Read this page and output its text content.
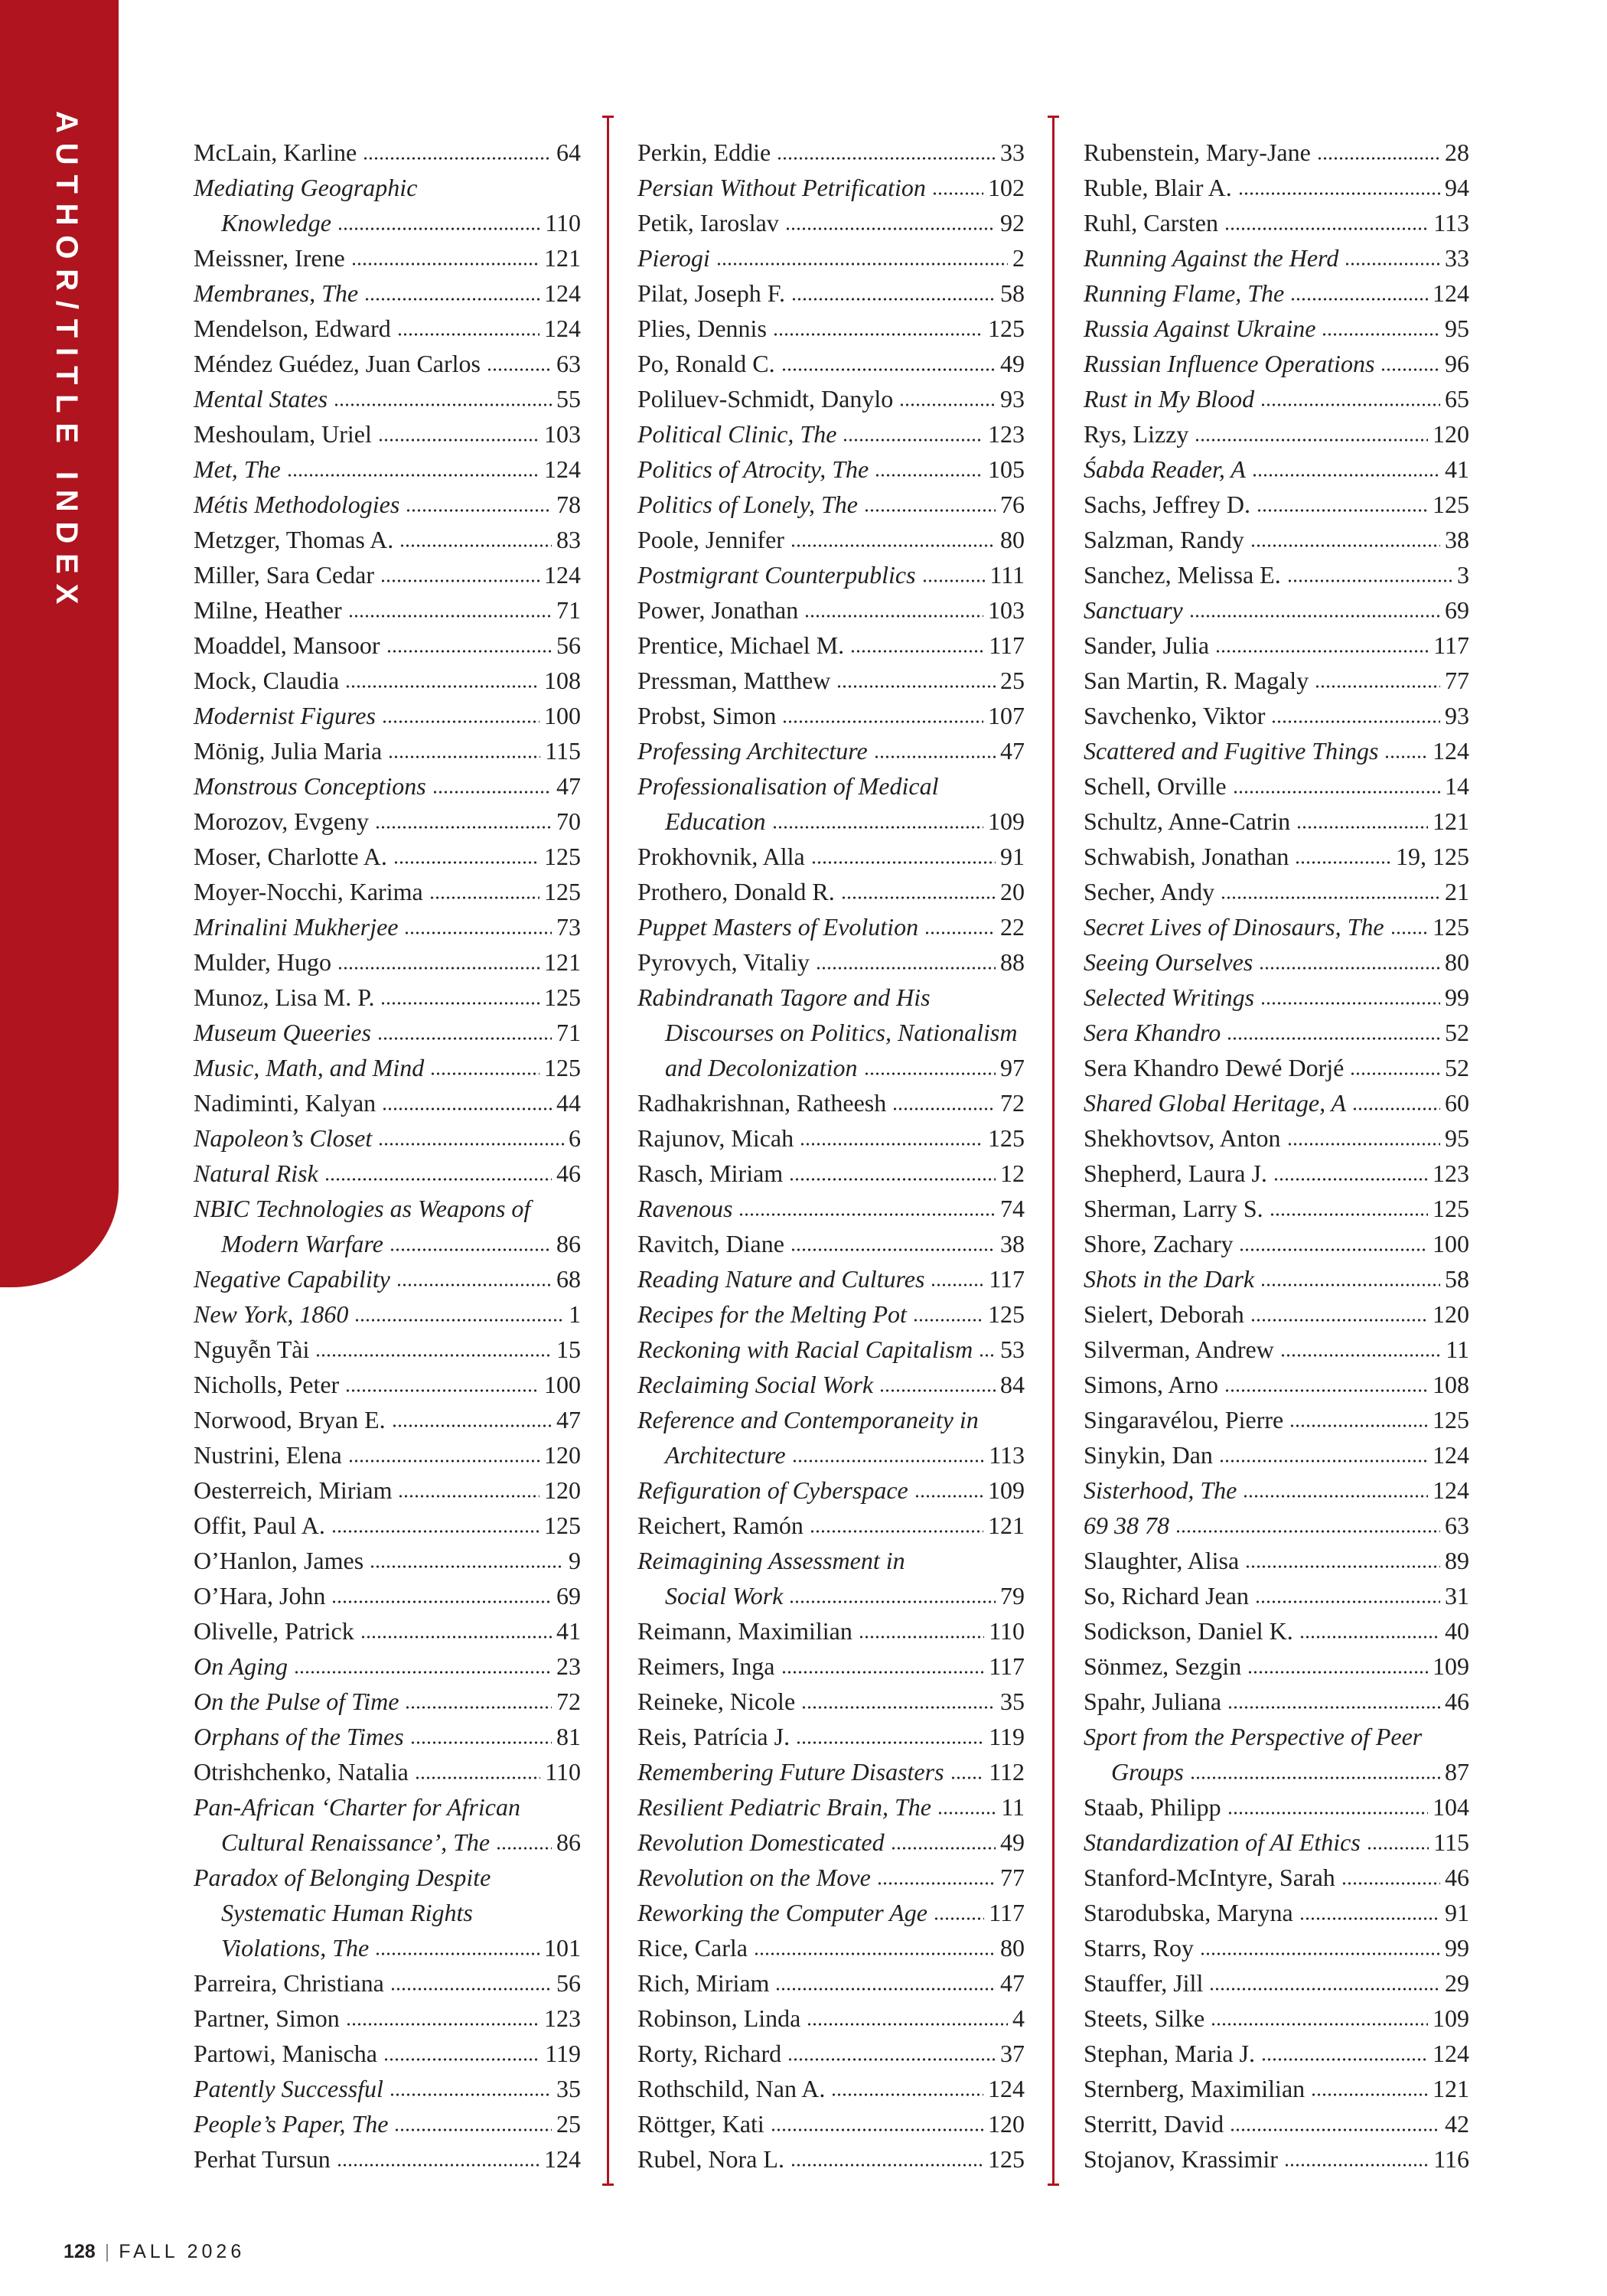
AUTHOR/TITLE INDEX	McLain, Karline	64
Mediating Geographic
Knowledge	110
Meissner, Irene	121
Membranes, The	124
Mendelson, Edward	124
Méndez Guédez, Juan Carlos	63
Mental States	55
Meshoulam, Uriel	103
Met, The	124
Métis Methodologies	78
Metzger, Thomas A.	83
Miller, Sara Cedar	124
Milne, Heather	71
Moaddel, Mansoor	56
Mock, Claudia	108
Modernist Figures	100
Mönig, Julia Maria	115
Monstrous Conceptions	47
Morozov, Evgeny	70
Moser, Charlotte A.	125
Moyer-Nocchi, Karima	125
Mrinalini Mukherjee	73
Mulder, Hugo	121
Munoz, Lisa M. P.	125
Museum Queeries	71
Music, Math, and Mind	125
Nadiminti, Kalyan	44
Napoleon’s Closet	6
Natural Risk	46
NBIC Technologies as Weapons of
Modern Warfare	86
Negative Capability	68
New York, 1860	1
Nguyễn Tài	15
Nicholls, Peter	100
Norwood, Bryan E.	47
Nustrini, Elena	120
Oesterreich, Miriam	120
Offit, Paul A.	125
O’Hanlon, James	9
O’Hara, John	69
Olivelle, Patrick	41
On Aging	23
On the Pulse of Time	72
Orphans of the Times	81
Otrishchenko, Natalia	110
Pan-African ‘Charter for African
Cultural Renaissance’, The	86
Paradox of Belonging Despite
Systematic Human Rights
Violations, The	101
Parreira, Christiana	56
Partner, Simon	123
Partowi, Manischa	119
Patently Successful	35
People’s Paper, The	25
Perhat Tursun	124
Perkin, Eddie	33
Persian Without Petrification	102
Petik, Iaroslav	92
Pierogi	2
Pilat, Joseph F.	58
Plies, Dennis	125
Po, Ronald C.	49
Poliluev-Schmidt, Danylo	93
Political Clinic, The	123
Politics of Atrocity, The	105
Politics of Lonely, The	76
Poole, Jennifer	80
Postmigrant Counterpublics	111
Power, Jonathan	103
Prentice, Michael M.	117
Pressman, Matthew	25
Probst, Simon	107
Professing Architecture	47
Professionalisation of Medical
Education	109
Prokhovnik, Alla	91
Prothero, Donald R.	20
Puppet Masters of Evolution	22
Pyrovych, Vitaliy	88
Rabindranath Tagore and His
Discourses on Politics, Nationalism
and Decolonization	97
Radhakrishnan, Ratheesh	72
Rajunov, Micah	125
Rasch, Miriam	12
Ravenous	74
Ravitch, Diane	38
Reading Nature and Cultures	117
Recipes for the Melting Pot	125
Reckoning with Racial Capitalism 53
Reclaiming Social Work	84
Reference and Contemporaneity in
Architecture	113
Refiguration of Cyberspace	109
Reichert, Ramón	121
Reimagining Assessment in
Social Work	79
Reimann, Maximilian	110
Reimers, Inga	117
Reineke, Nicole	35
Reis, Patrícia J.	119
Remembering Future Disasters 112
Resilient Pediatric Brain, The	11
Revolution Domesticated	49
Revolution on the Move	77
Reworking the Computer Age	117
Rice, Carla	80
Rich, Miriam	47
Robinson, Linda	4
Rorty, Richard	37
Rothschild, Nan A.	124
Röttger, Kati	120
Rubel, Nora L.	125
Rubenstein, Mary-Jane	28
Ruble, Blair A.	94
Ruhl, Carsten	113
Running Against the Herd	33
Running Flame, The	124
Russia Against Ukraine	95
Russian Influence Operations	96
Rust in My Blood	65
Rys, Lizzy	120
Śabda Reader, A	41
Sachs, Jeffrey D.	125
Salzman, Randy	38
Sanchez, Melissa E.	3
Sanctuary	69
Sander, Julia	117
San Martin, R. Magaly	77
Savchenko, Viktor	93
Scattered and Fugitive Things 124
Schell, Orville	14
Schultz, Anne-Catrin	121
Schwabish, Jonathan	19, 125
Secher, Andy	21
Secret Lives of Dinosaurs, The 125
Seeing Ourselves	80
Selected Writings	99
Sera Khandro	52
Sera Khandro Dewé Dorjé	52
Shared Global Heritage, A	60
Shekhovtsov, Anton	95
Shepherd, Laura J.	123
Sherman, Larry S.	125
Shore, Zachary	100
Shots in the Dark	58
Sielert, Deborah	120
Silverman, Andrew	11
Simons, Arno	108
Singaravélou, Pierre	125
Sinykin, Dan	124
Sisterhood, The	124
69 38 78	63
Slaughter, Alisa	89
So, Richard Jean	31
Sodickson, Daniel K.	40
Sönmez, Sezgin	109
Spahr, Juliana	46
Sport from the Perspective of Peer
Groups	87
Staab, Philipp	104
Standardization of AI Ethics	115
Stanford-McIntyre, Sarah	46
Starodubska, Maryna	91
Starrs, Roy	99
Stauffer, Jill	29
Steets, Silke	109
Stephan, Maria J.	124
Sternberg, Maximilian	121
Sterritt, David	42
Stojanov, Krassimir	116
128 | FALL 2026
